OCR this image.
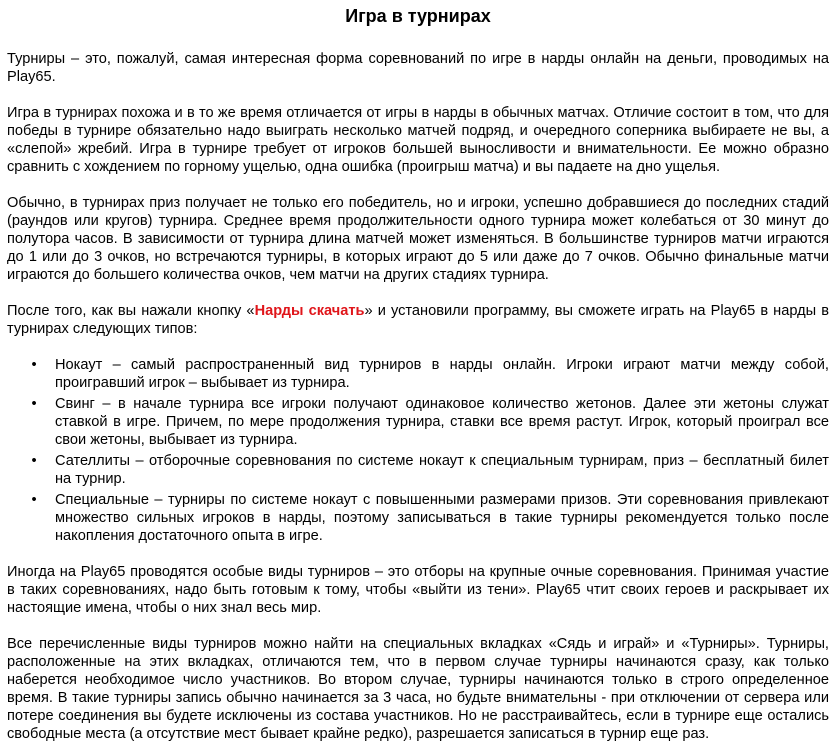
Игра в турнирах

Турниры – это, пожалуй, самая интересная форма соревнований по игре в нарды онлайн на деньги, проводимых на Play65.

Игра в турнирах похожа и в то же время отличается от игры в нарды в обычных матчах. Отличие состоит в том, что для победы в турнире обязательно надо выиграть несколько матчей подряд, и очередного соперника выбираете не вы, а «слепой» жребий. Игра в турнире требует от игроков большей выносливости и внимательности. Ее можно образно сравнить с хождением по горному ущелью, одна ошибка (проигрыш матча) и вы падаете на дно ущелья.

Обычно, в турнирах приз получает не только его победитель, но и игроки, успешно добравшиеся до последних стадий (раундов или кругов) турнира. Среднее время продолжительности одного турнира может колебаться от 30 минут до полутора часов. В зависимости от турнира длина матчей может изменяться. В большинстве турниров матчи играются до 1 или до 3 очков, но встречаются турниры, в которых играют до 5 или даже до 7 очков. Обычно финальные матчи играются до большего количества очков, чем матчи на других стадиях турнира.

После того, как вы нажали кнопку «Нарды скачать» и установили программу, вы сможете играть на Play65 в нарды в турнирах следующих типов:

• Нокаут – самый распространенный вид турниров в нарды онлайн. Игроки играют матчи между собой, проигравший игрок – выбывает из турнира.
• Свинг – в начале турнира все игроки получают одинаковое количество жетонов. Далее эти жетоны служат ставкой в игре. Причем, по мере продолжения турнира, ставки все время растут. Игрок, который проиграл все свои жетоны, выбывает из турнира.
• Сателлиты – отборочные соревнования по системе нокаут к специальным турнирам, приз – бесплатный билет на турнир.
• Специальные – турниры по системе нокаут с повышенными размерами призов. Эти соревнования привлекают множество сильных игроков в нарды, поэтому записываться в такие турниры рекомендуется только после накопления достаточного опыта в игре.

Иногда на Play65 проводятся особые виды турниров – это отборы на крупные очные соревнования. Принимая участие в таких соревнованиях, надо быть готовым к тому, чтобы «выйти из тени». Play65 чтит своих героев и раскрывает их настоящие имена, чтобы о них знал весь мир.

Все перечисленные виды турниров можно найти на специальных вкладках «Сядь и играй» и «Турниры». Турниры, расположенные на этих вкладках, отличаются тем, что в первом случае турниры начинаются сразу, как только наберется необходимое число участников. Во втором случае, турниры начинаются только в строго определенное время. В такие турниры запись обычно начинается за 3 часа, но будьте внимательны - при отключении от сервера или потере соединения вы будете исключены из состава участников. Но не расстраивайтесь, если в турнире еще остались свободные места (а отсутствие мест бывает крайне редко), разрешается записаться в турнир еще раз.
